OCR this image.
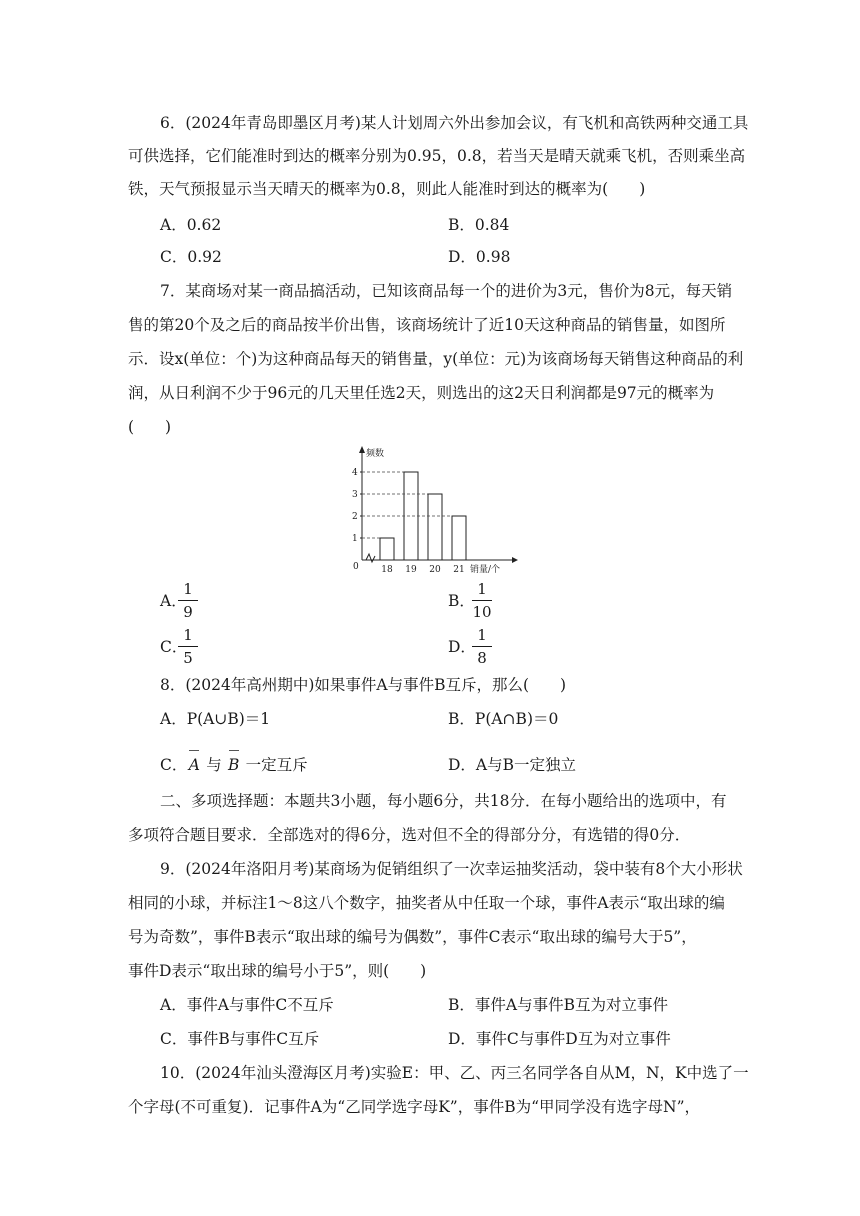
6．(2024年青岛即墨区月考)某人计划周六外出参加会议，有飞机和高铁两种交通工具
可供选择，它们能准时到达的概率分别为0.95，0.8，若当天是晴天就乘飞机，否则乘坐高
铁，天气预报显示当天晴天的概率为0.8，则此人能准时到达的概率为(　　)
A．0.62	B．0.84
C．0.92	D．0.98
7．某商场对某一商品搞活动，已知该商品每一个的进价为3元，售价为8元，每天销
售的第20个及之后的商品按半价出售，该商场统计了近10天这种商品的销售量，如图所
示．设x(单位：个)为这种商品每天的销售量，y(单位：元)为该商场每天销售这种商品的利
润，从日利润不少于96元的几天里任选2天，则选出的这2天日利润都是97元的概率为
(　　)
频数
销量/个
0
1
2
3
4
18 19 20 21
A．
1
9
B．
1
10
C．
1
5
D．
1
8
8．(2024年高州期中)如果事件A与事件B互斥，那么(　　)
A．P(A∪B)＝1	B．P(A∩B)＝0
C．
A 与
B 一定互斥	D．A与B一定独立
二、多项选择题：本题共3小题，每小题6分，共18分．在每小题给出的选项中，有
多项符合题目要求．全部选对的得6分，选对但不全的得部分分，有选错的得0分．
9．(2024年洛阳月考)某商场为促销组织了一次幸运抽奖活动，袋中装有8个大小形状
相同的小球，并标注1～8这八个数字，抽奖者从中任取一个球，事件A表示“取出球的编
号为奇数”，事件B表示“取出球的编号为偶数”，事件C表示“取出球的编号大于5”，
事件D表示“取出球的编号小于5”，则(　　)
A．事件A与事件C不互斥	B．事件A与事件B互为对立事件
C．事件B与事件C互斥	D．事件C与事件D互为对立事件
10．(2024年汕头澄海区月考)实验E：甲、乙、丙三名同学各自从M，N，K中选了一
个字母(不可重复)．记事件A为“乙同学选字母K”，事件B为“甲同学没有选字母N”，
